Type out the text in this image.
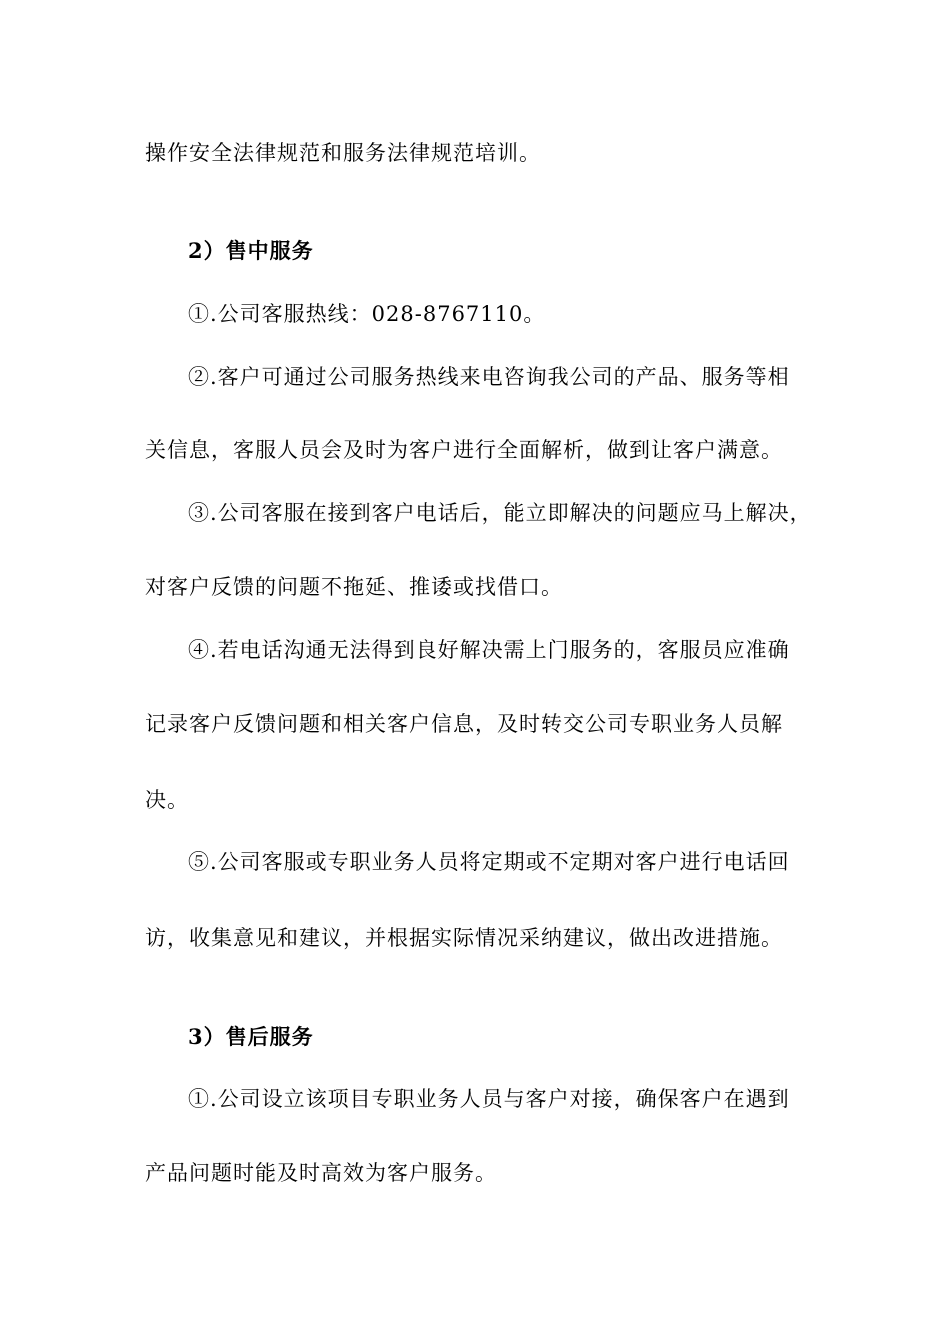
操作安全法律规范和服务法律规范培训。
2）售中服务
①.公司客服热线：028-8767110。
②.客户可通过公司服务热线来电咨询我公司的产品、服务等相
关信息，客服人员会及时为客户进行全面解析，做到让客户满意。
③.公司客服在接到客户电话后，能立即解决的问题应马上解决，
对客户反馈的问题不拖延、推诿或找借口。
④.若电话沟通无法得到良好解决需上门服务的，客服员应准确
记录客户反馈问题和相关客户信息，及时转交公司专职业务人员解
决。
⑤.公司客服或专职业务人员将定期或不定期对客户进行电话回
访，收集意见和建议，并根据实际情况采纳建议，做出改进措施。
3）售后服务
①.公司设立该项目专职业务人员与客户对接，确保客户在遇到
产品问题时能及时高效为客户服务。
